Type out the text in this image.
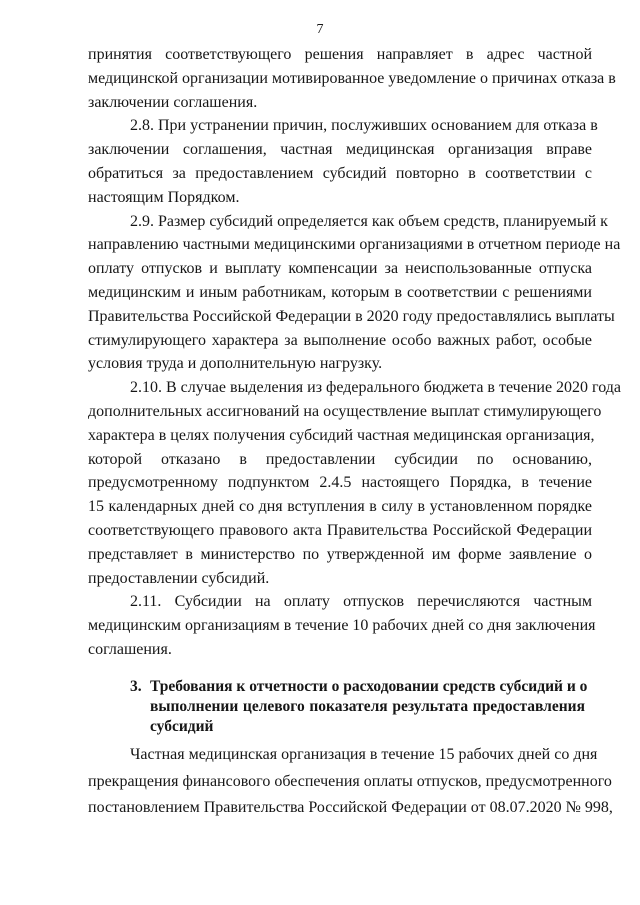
7
принятия соответствующего решения направляет в адрес частной
медицинской организации мотивированное уведомление о причинах отказа в
заключении соглашения.
2.8. При устранении причин, послуживших основанием для отказа в
заключении соглашения, частная медицинская организация вправе
обратиться за предоставлением субсидий повторно в соответствии с
настоящим Порядком.
2.9. Размер субсидий определяется как объем средств, планируемый к
направлению частными медицинскими организациями в отчетном периоде на
оплату отпусков и выплату компенсации за неиспользованные отпуска
медицинским и иным работникам, которым в соответствии с решениями
Правительства Российской Федерации в 2020 году предоставлялись выплаты
стимулирующего характера за выполнение особо важных работ, особые
условия труда и дополнительную нагрузку.
2.10. В случае выделения из федерального бюджета в течение 2020 года
дополнительных ассигнований на осуществление выплат стимулирующего
характера в целях получения субсидий частная медицинская организация,
которой отказано в предоставлении субсидии по основанию,
предусмотренному подпунктом 2.4.5 настоящего Порядка, в течение
15 календарных дней со дня вступления в силу в установленном порядке
соответствующего правового акта Правительства Российской Федерации
представляет в министерство по утвержденной им форме заявление о
предоставлении субсидий.
2.11. Субсидии на оплату отпусков перечисляются частным
медицинским организациям в течение 10 рабочих дней со дня заключения
соглашения.
3. Требования к отчетности о расходовании средств субсидий и о
выполнении целевого показателя результата предоставления
субсидий
Частная медицинская организация в течение 15 рабочих дней со дня
прекращения финансового обеспечения оплаты отпусков, предусмотренного
постановлением Правительства Российской Федерации от 08.07.2020 № 998,
